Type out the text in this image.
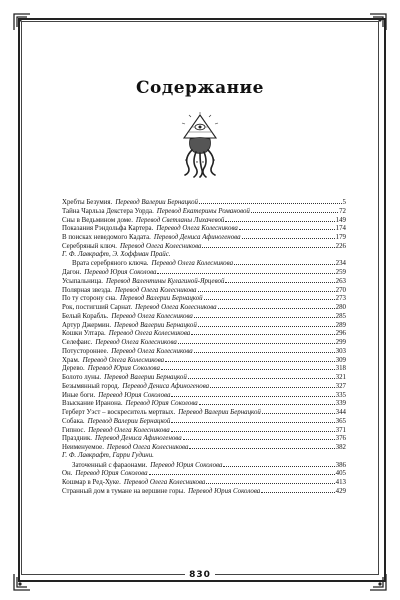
Содержание
Хребты Безумия. Перевод Валерии Бернацкой	5
Тайна Чарльза Декстера Уорда. Перевод Екатерины Романовой	72
Сны в Ведьмином доме. Перевод Светланы Лихачевой	149
Показания Рэндольфа Картера. Перевод Олега Колесникова	174
В поисках неведомого Кадата. Перевод Дениса Афиногенова	179
Серебряный ключ. Перевод Олега Колесникова	226
Г. Ф. Лавкрафт, Э. Хоффман Прайс.
Врата серебряного ключа. Перевод Олега Колесникова	234
Дагон. Перевод Юрия Соколова	259
Усыпальница. Перевод Валентины Кулагиной-Ярцевой	263
Полярная звезда. Перевод Олега Колесникова	270
По ту сторону сна. Перевод Валерии Бернацкой	273
Рок, постигший Сарнат. Перевод Олега Колесникова	280
Белый Корабль. Перевод Олега Колесникова	285
Артур Джермин. Перевод Валерии Бернацкой	289
Кошки Ултара. Перевод Олега Колесникова	296
Селефаис. Перевод Олега Колесникова	299
Потустороннее. Перевод Олега Колесникова	303
Храм. Перевод Олега Колесникова	309
Дерево. Перевод Юрия Соколова	318
Болото луны. Перевод Валерии Бернацкой	321
Безымянный город. Перевод Дениса Афиногенова	327
Иные боги. Перевод Юрия Соколова	335
Взыскание Иранона. Перевод Юрия Соколова	339
Герберт Уэст – воскреситель мертвых. Перевод Валерии Бернацкой	344
Собака. Перевод Валерии Бернацкой	365
Гипнос. Перевод Олега Колесникова	371
Праздник. Перевод Дениса Афиногенова	376
Неименуемое. Перевод Олега Колесникова	382
Г. Ф. Лавкрафт, Гарри Гудини.
Заточенный с фараонами. Перевод Юрия Соколова	386
Он. Перевод Юрия Соколова	405
Кошмар в Ред-Хуке. Перевод Олега Колесникова	413
Странный дом в тумане на вершине горы. Перевод Юрия Соколова	429
830
